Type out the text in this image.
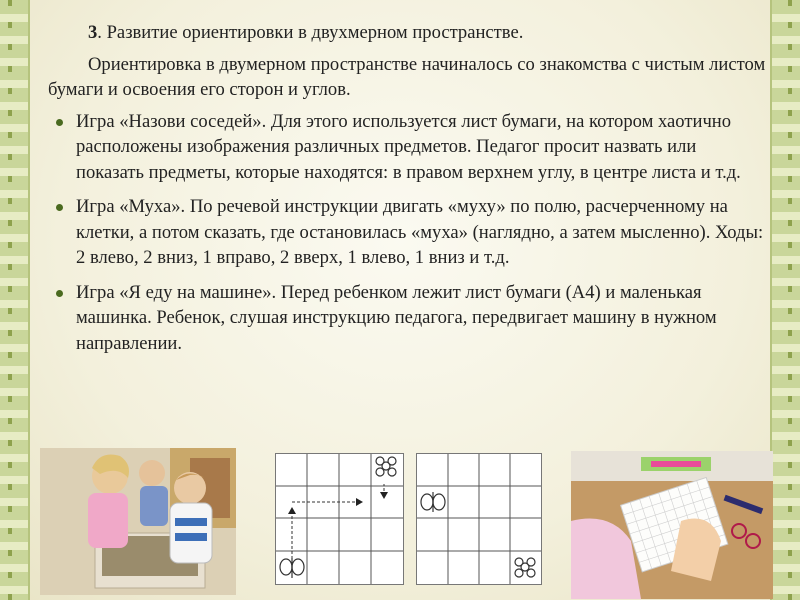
3. Развитие ориентировки в двухмерном пространстве.

Ориентировка в двумерном пространстве начиналось со знакомства с чистым листом бумаги и освоения его сторон и углов.

Игра «Назови соседей». Для этого используется лист бумаги, на котором хаотично расположены изображения различных предметов. Педагог просит назвать или показать предметы, которые находятся: в правом верхнем углу, в центре листа и т.д.
Игра «Муха». По речевой инструкции двигать «муху» по полю, расчерченному на клетки, а потом сказать, где остановилась «муха» (наглядно, а затем мысленно). Ходы: 2 влево, 2 вниз, 1 вправо, 2 вверх, 1 влево, 1 вниз и т.д.
Игра «Я еду на машине». Перед ребенком лежит лист бумаги (А4) и маленькая машинка. Ребенок, слушая инструкцию педагога, передвигает машину в нужном направлении.
